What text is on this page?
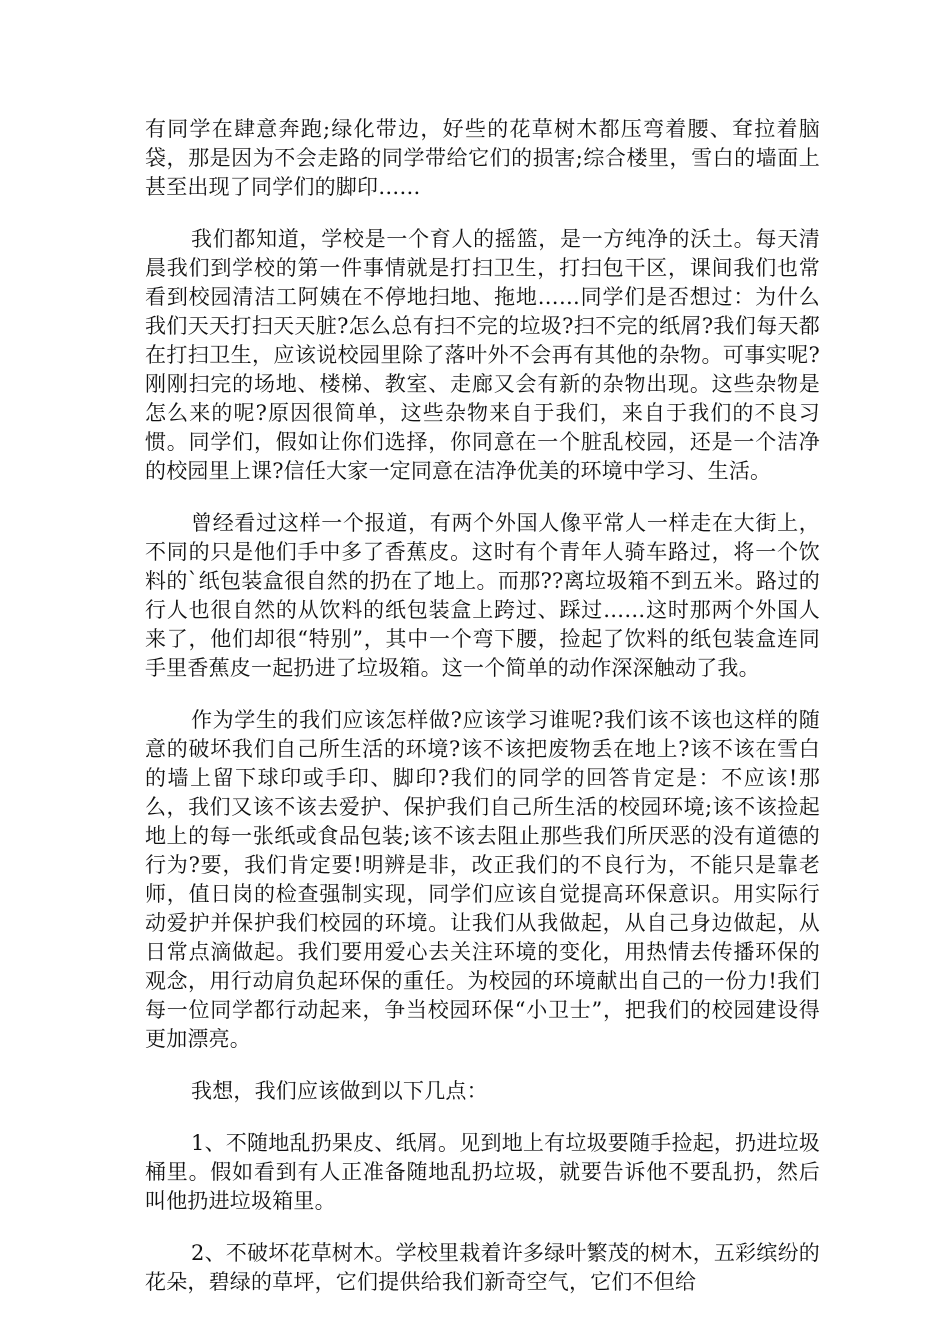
有同学在肆意奔跑;绿化带边，好些的花草树木都压弯着腰、耷拉着脑袋，那是因为不会走路的同学带给它们的损害;综合楼里，雪白的墙面上甚至出现了同学们的脚印……

我们都知道，学校是一个育人的摇篮，是一方纯净的沃土。每天清晨我们到学校的第一件事情就是打扫卫生，打扫包干区，课间我们也常看到校园清洁工阿姨在不停地扫地、拖地……同学们是否想过：为什么我们天天打扫天天脏?怎么总有扫不完的垃圾?扫不完的纸屑?我们每天都在打扫卫生，应该说校园里除了落叶外不会再有其他的杂物。可事实呢?刚刚扫完的场地、楼梯、教室、走廊又会有新的杂物出现。这些杂物是怎么来的呢?原因很简单，这些杂物来自于我们，来自于我们的不良习惯。同学们，假如让你们选择，你同意在一个脏乱校园，还是一个洁净的校园里上课?信任大家一定同意在洁净优美的环境中学习、生活。

曾经看过这样一个报道，有两个外国人像平常人一样走在大街上，不同的只是他们手中多了香蕉皮。这时有个青年人骑车路过，将一个饮料的`纸包装盒很自然的扔在了地上。而那??离垃圾箱不到五米。路过的行人也很自然的从饮料的纸包装盒上跨过、踩过……这时那两个外国人来了，他们却很“特别”，其中一个弯下腰，捡起了饮料的纸包装盒连同手里香蕉皮一起扔进了垃圾箱。这一个简单的动作深深触动了我。

作为学生的我们应该怎样做?应该学习谁呢?我们该不该也这样的随意的破坏我们自己所生活的环境?该不该把废物丢在地上?该不该在雪白的墙上留下球印或手印、脚印?我们的同学的回答肯定是：不应该!那么，我们又该不该去爱护、保护我们自己所生活的校园环境;该不该捡起地上的每一张纸或食品包装;该不该去阻止那些我们所厌恶的没有道德的行为?要，我们肯定要!明辨是非，改正我们的不良行为，不能只是靠老师，值日岗的检查强制实现，同学们应该自觉提高环保意识。用实际行动爱护并保护我们校园的环境。让我们从我做起，从自己身边做起，从日常点滴做起。我们要用爱心去关注环境的变化，用热情去传播环保的观念，用行动肩负起环保的重任。为校园的环境献出自己的一份力!我们每一位同学都行动起来，争当校园环保“小卫士”，把我们的校园建设得更加漂亮。

我想，我们应该做到以下几点：

1、不随地乱扔果皮、纸屑。见到地上有垃圾要随手捡起，扔进垃圾桶里。假如看到有人正准备随地乱扔垃圾，就要告诉他不要乱扔，然后叫他扔进垃圾箱里。

2、不破坏花草树木。学校里栽着许多绿叶繁茂的树木，五彩缤纷的花朵，碧绿的草坪，它们提供给我们新奇空气，它们不但给
